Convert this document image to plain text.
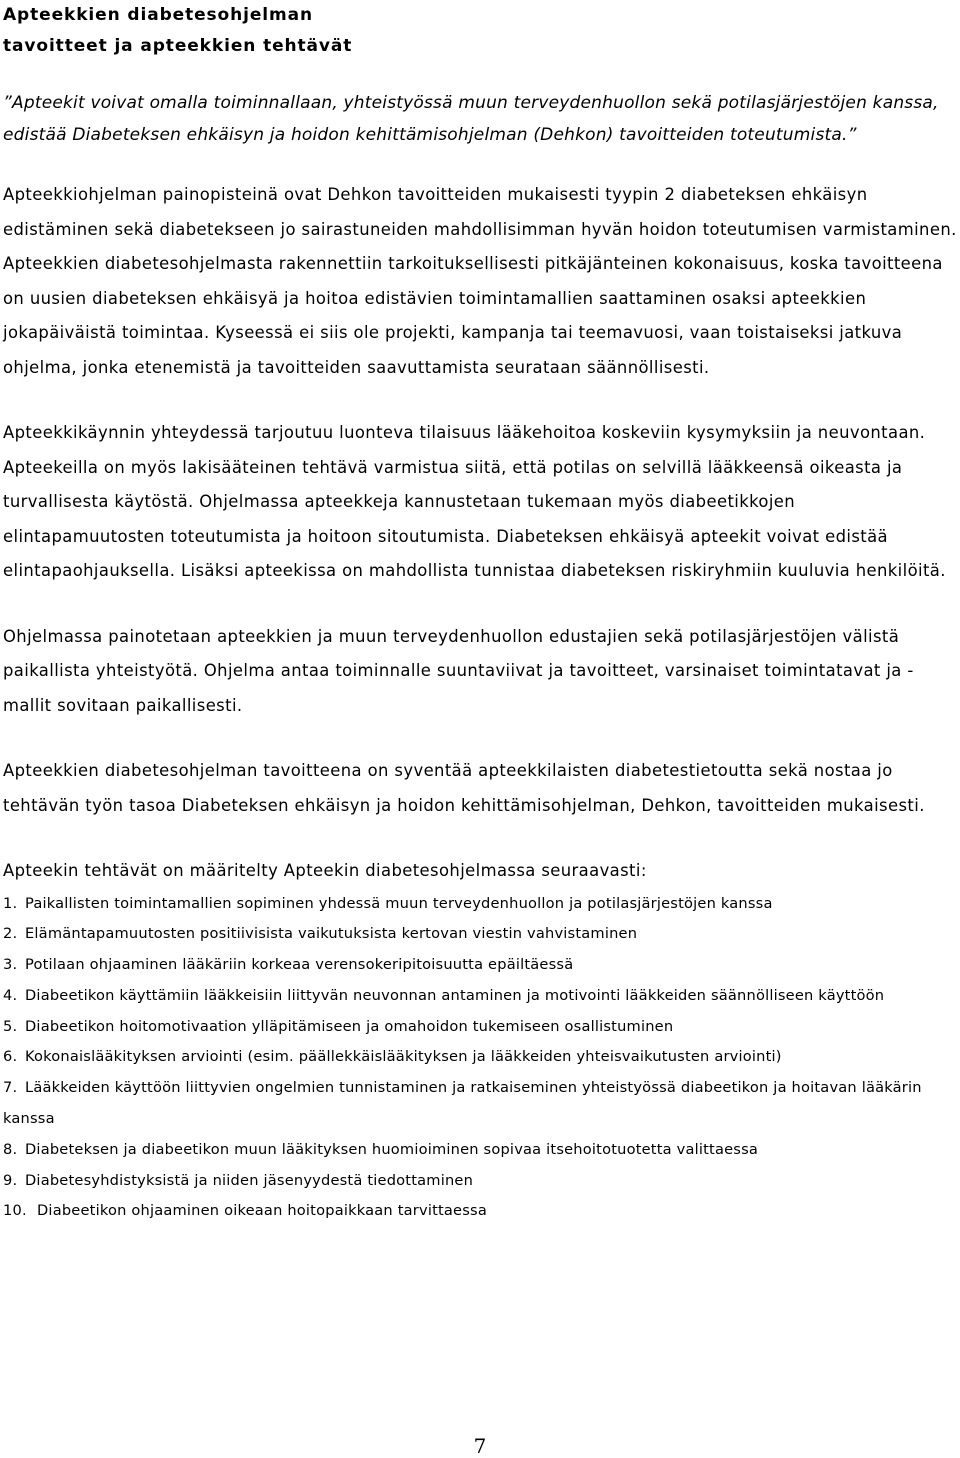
Apteekkien diabetesohjelman
tavoitteet ja apteekkien tehtävät

”Apteekit voivat omalla toiminnallaan, yhteistyössä muun terveydenhuollon sekä potilasjärjestöjen kanssa, edistää Diabeteksen ehkäisyn ja hoidon kehittämisohjelman (Dehkon) tavoitteiden toteutumista.”

Apteekkiohjelman painopisteinä ovat Dehkon tavoitteiden mukaisesti tyypin 2 diabeteksen ehkäisyn edistäminen sekä diabetekseen jo sairastuneiden mahdollisimman hyvän hoidon toteutumisen varmistaminen. Apteekkien diabetesohjelmasta rakennettiin tarkoituksellisesti pitkäjänteinen kokonaisuus, koska tavoitteena on uusien diabeteksen ehkäisyä ja hoitoa edistävien toimintamallien saattaminen osaksi apteekkien jokapäiväistä toimintaa. Kyseessä ei siis ole projekti, kampanja tai teemavuosi, vaan toistaiseksi jatkuva ohjelma, jonka etenemistä ja tavoitteiden saavuttamista seurataan säännöllisesti.

Apteekkikäynnin yhteydessä tarjoutuu luonteva tilaisuus lääkehoitoa koskeviin kysymyksiin ja neuvontaan. Apteekeilla on myös lakisääteinen tehtävä varmistua siitä, että potilas on selvillä lääkkeensä oikeasta ja turvallisesta käytöstä. Ohjelmassa apteekkeja kannustetaan tukemaan myös diabeetikkojen elintapamuutosten toteutumista ja hoitoon sitoutumista. Diabeteksen ehkäisyä apteekit voivat edistää elintapaohjauksella. Lisäksi apteekissa on mahdollista tunnistaa diabeteksen riskiryhmiin kuuluvia henkilöitä.

Ohjelmassa painotetaan apteekkien ja muun terveydenhuollon edustajien sekä potilasjärjestöjen välistä paikallista yhteistyötä. Ohjelma antaa toiminnalle suuntaviivat ja tavoitteet, varsinaiset toimintatavat ja -mallit sovitaan paikallisesti.

Apteekkien diabetesohjelman tavoitteena on syventää apteekkilaisten diabetestietoutta sekä nostaa jo tehtävän työn tasoa Diabeteksen ehkäisyn ja hoidon kehittämisohjelman, Dehkon, tavoitteiden mukaisesti.

Apteekin tehtävät on määritelty Apteekin diabetesohjelmassa seuraavasti:

1. Paikallisten toimintamallien sopiminen yhdessä muun terveydenhuollon ja potilasjärjestöjen kanssa
2. Elämäntapamuutosten positiivisista vaikutuksista kertovan viestin vahvistaminen
3. Potilaan ohjaaminen lääkäriin korkeaa verensokeripitoisuutta epäiltäessä
4. Diabeetikon käyttämiin lääkkeisiin liittyvän neuvonnan antaminen ja motivointi lääkkeiden säännölliseen käyttöön
5. Diabeetikon hoitomotivaation ylläpitämiseen ja omahoidon tukemiseen osallistuminen
6. Kokonaislääkityksen arviointi (esim. päällekkäislääkityksen ja lääkkeiden yhteisvaikutusten arviointi)
7. Lääkkeiden käyttöön liittyvien ongelmien tunnistaminen ja ratkaiseminen yhteistyössä diabeetikon ja hoitavan lääkärin kanssa
8. Diabeteksen ja diabeetikon muun lääkityksen huomioiminen sopivaa itsehoitotuotetta valittaessa
9. Diabetesyhdistyksistä ja niiden jäsenyydestä tiedottaminen
10. Diabeetikon ohjaaminen oikeaan hoitopaikkaan tarvittaessa
7
